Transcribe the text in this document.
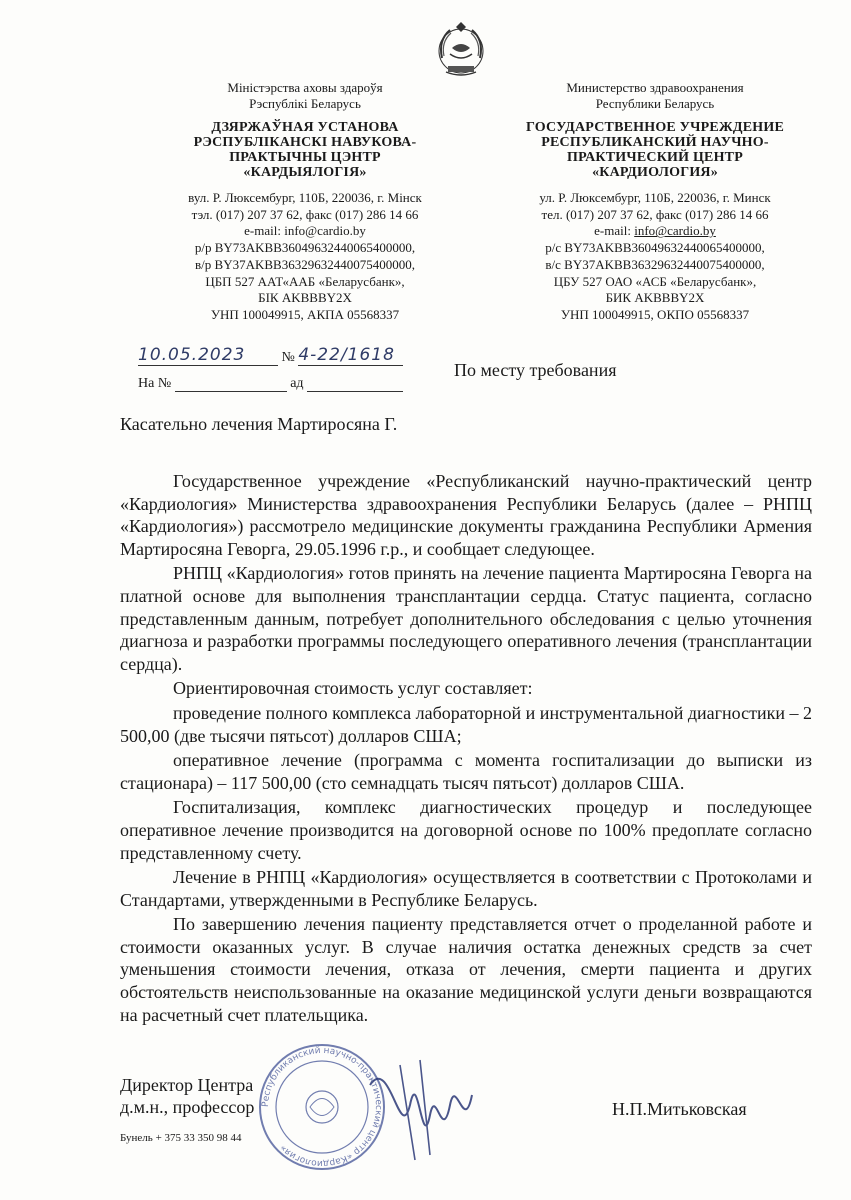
Міністэрства аховы здароўя
Рэспублікі Беларусь
ДЗЯРЖАЎНАЯ УСТАНОВА
РЭСПУБЛІКАНСКІ НАВУКОВА-
ПРАКТЫЧНЫ ЦЭНТР
«КАРДЫЯЛОГІЯ»
вул. Р. Люксембург, 110Б, 220036, г. Мінск
тэл. (017) 207 37 62, факс (017) 286 14 66
e-mail: info@cardio.by
р/р BY73AKBB36049632440065400000,
в/р BY37AKBB36329632440075400000,
ЦБП 527 ААТ«ААБ «Беларусбанк»,
БІК AKBBBY2X
УНП 100049915, АКПА 05568337
Министерство здравоохранения
Республики Беларусь
ГОСУДАРСТВЕННОЕ УЧРЕЖДЕНИЕ
РЕСПУБЛИКАНСКИЙ НАУЧНО-
ПРАКТИЧЕСКИЙ ЦЕНТР
«КАРДИОЛОГИЯ»
ул. Р. Люксембург, 110Б, 220036, г. Минск
тел. (017) 207 37 62, факс (017) 286 14 66
e-mail: info@cardio.by
р/с BY73AKBB36049632440065400000,
в/с BY37AKBB36329632440075400000,
ЦБУ 527 ОАО «АСБ «Беларусбанк»,
БИК AKBBBY2X
УНП 100049915, ОКПО 05568337
10.05.2023	№ 4-22/1618
На №	ад
По месту требования
Касательно лечения Мартиросяна Г.

Государственное учреждение «Республиканский научно-практический центр «Кардиология» Министерства здравоохранения Республики Беларусь (далее – РНПЦ «Кардиология») рассмотрело медицинские документы гражданина Республики Армения Мартиросяна Геворга, 29.05.1996 г.р., и сообщает следующее.

РНПЦ «Кардиология» готов принять на лечение пациента Мартиросяна Геворга на платной основе для выполнения трансплантации сердца. Статус пациента, согласно представленным данным, потребует дополнительного обследования с целью уточнения диагноза и разработки программы последующего оперативного лечения (трансплантации сердца).

Ориентировочная стоимость услуг составляет:

проведение полного комплекса лабораторной и инструментальной диагностики – 2 500,00 (две тысячи пятьсот) долларов США;

оперативное лечение (программа с момента госпитализации до выписки из стационара) – 117 500,00 (сто семнадцать тысяч пятьсот) долларов США.

Госпитализация, комплекс диагностических процедур и последующее оперативное лечение производится на договорной основе по 100% предоплате согласно представленному счету.

Лечение в РНПЦ «Кардиология» осуществляется в соответствии с Протоколами и Стандартами, утвержденными в Республике Беларусь.

По завершению лечения пациенту представляется отчет о проделанной работе и стоимости оказанных услуг. В случае наличия остатка денежных средств за счет уменьшения стоимости лечения, отказа от лечения, смерти пациента и других обстоятельств неиспользованные на оказание медицинской услуги деньги возвращаются на расчетный счет плательщика.

Республиканский научно-практический центр «Кардиология»
Директор Центра
д.м.н., профессор	Н.П.Митьковская
Бунель + 375 33 350 98 44
